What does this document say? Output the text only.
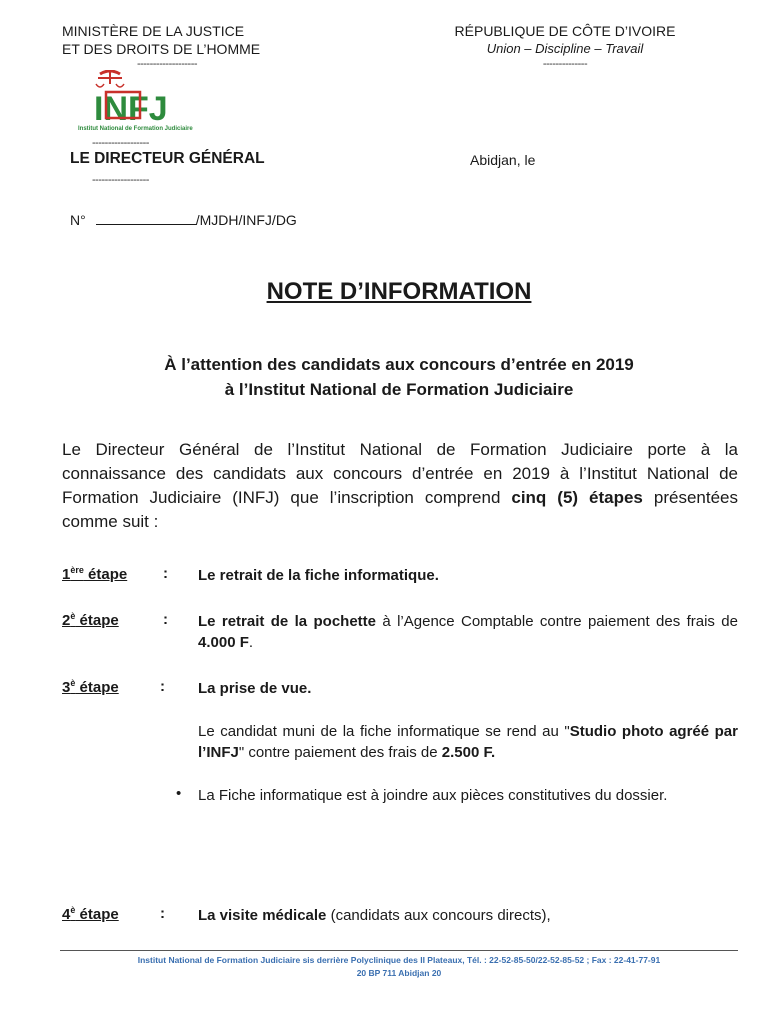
MINISTÈRE DE LA JUSTICE
ET DES DROITS DE L’HOMME
-------------------
RÉPUBLIQUE DE CÔTE D’IVOIRE
Union – Discipline – Travail
--------------
INFJ
Institut National de Formation Judiciaire
------------------
LE DIRECTEUR GÉNÉRAL
------------------
Abidjan, le
N°	/MJDH/INFJ/DG
NOTE D’INFORMATION
À l’attention des candidats aux concours d’entrée en 2019
à l’Institut National de Formation Judiciaire
Le Directeur Général de l’Institut National de Formation Judiciaire porte à la connaissance des candidats aux concours d’entrée en 2019 à l’Institut National de Formation Judiciaire (INFJ) que l’inscription comprend cinq (5) étapes présentées comme suit :
1ère étape : Le retrait de la fiche informatique.
$2^è$ étape	: Le retrait de la pochette à l’Agence Comptable contre paiement des frais de 4.000 F.
$3^è$ étape	: La prise de vue.
Le candidat muni de la fiche informatique se rend au "Studio photo agréé par l’INFJ" contre paiement des frais de 2.500 F.
• La Fiche informatique est à joindre aux pièces constitutives du dossier.
$4^è$ étape	: La visite médicale (candidats aux concours directs),
Institut National de Formation Judiciaire sis derrière Polyclinique des II Plateaux, Tél. : 22-52-85-50/22-52-85-52 ; Fax : 22-41-77-91
20 BP 711 Abidjan 20
